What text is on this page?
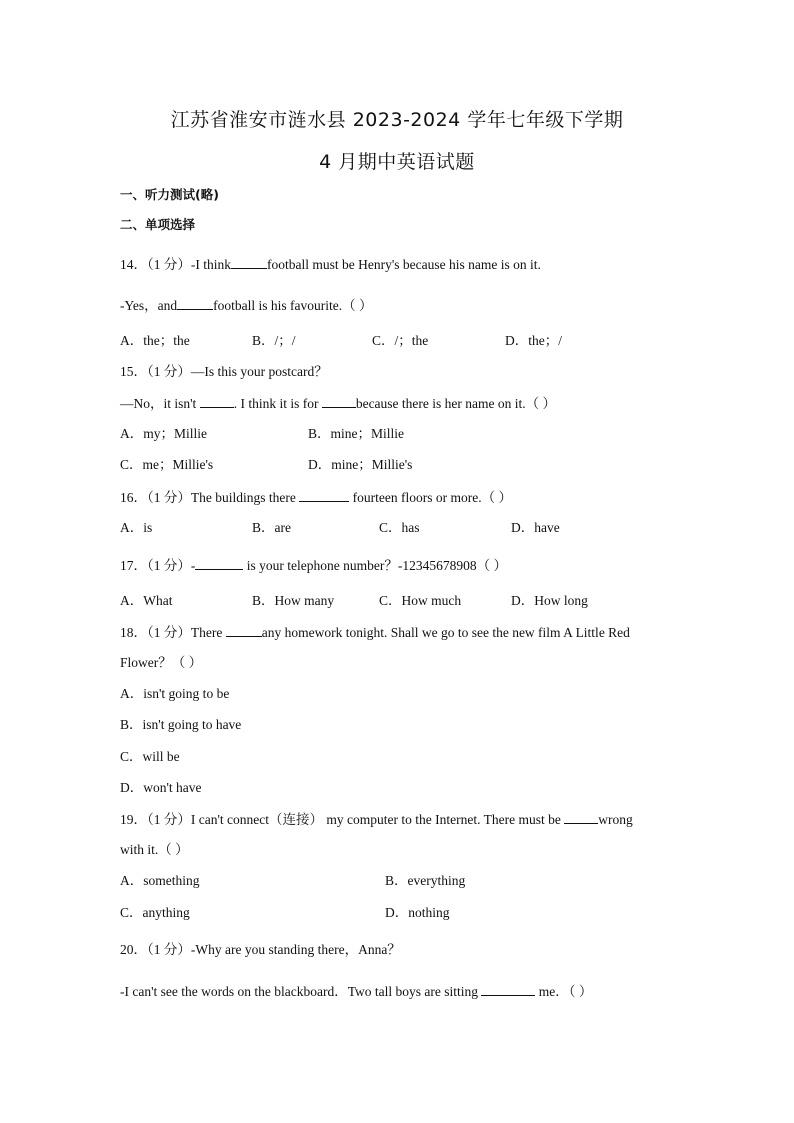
江苏省淮安市涟水县 2023-2024 学年七年级下学期
4 月期中英语试题
一、听力测试(略)
二、单项选择
14．（1 分）-I think	football must be Henry's because his name is on it.
-Yes，and	football is his favourite.（ ）
A．the；the	B．/；/	C．/；the	D．the；/
15．（1 分）—Is this your postcard？
—No，it isn't	. I think it is for	because there is her name on it.（ ）
A．my；Millie	B．mine；Millie
C．me；Millie's	D．mine；Millie's
16．（1 分）The buildings there	fourteen floors or more.（ ）
A．is	B．are	C．has	D．have
17．（1 分）-	is your telephone number？-12345678908（ ）
A．What	B．How many	C．How much	D．How long
18．（1 分）There	any homework tonight. Shall we go to see the new film A Little Red
Flower？（ ）
A．isn't going to be
B．isn't going to have
C．will be
D．won't have
19．（1 分）I can't connect（连接） my computer to the Internet. There must be	wrong
with it.（ ）
A．something	B．everything
C．anything	D．nothing
20．（1 分）-Why are you standing there，Anna？
-I can't see the words on the blackboard．Two tall boys are sitting	me．（ ）
